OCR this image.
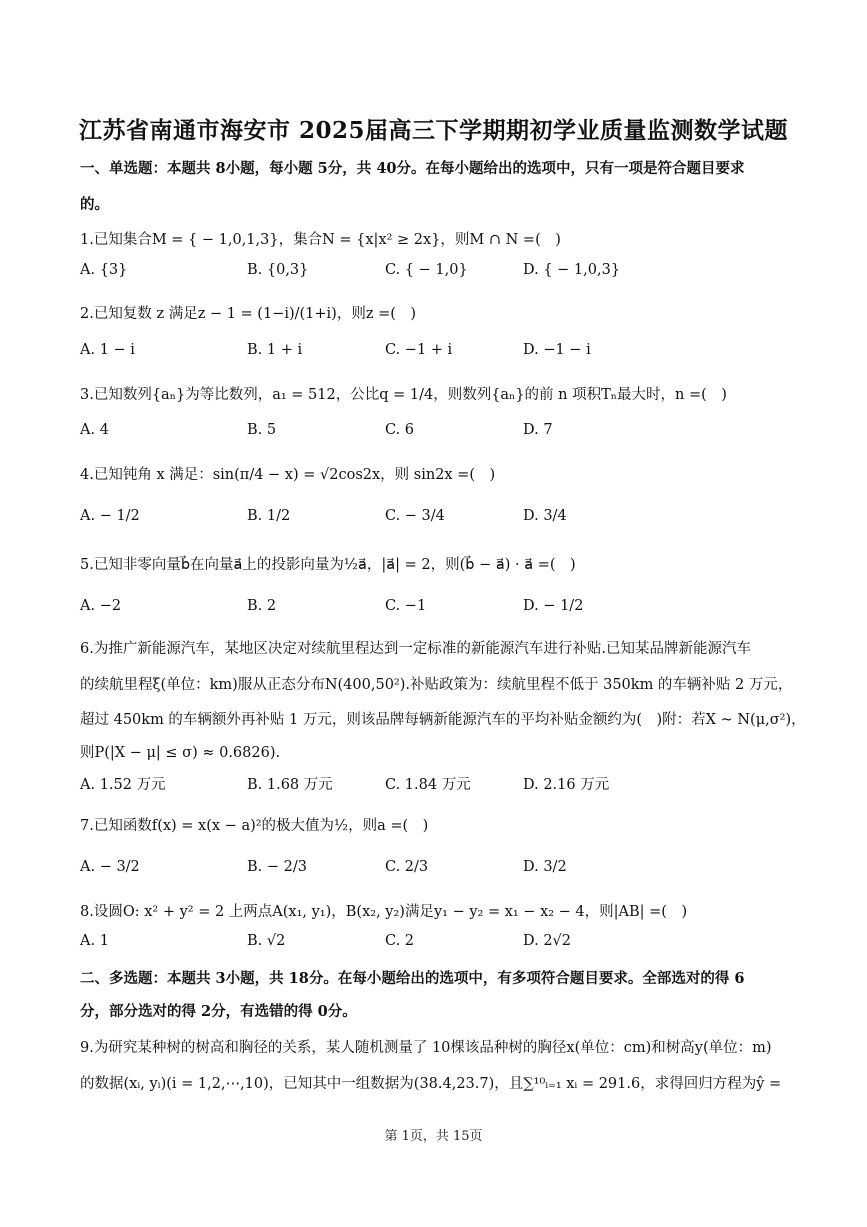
江苏省南通市海安市 2025届高三下学期期初学业质量监测数学试题
一、单选题：本题共 8小题，每小题 5分，共 40分。在每小题给出的选项中，只有一项是符合题目要求
的。
1.已知集合M = { − 1,0,1,3}，集合N = {x|x² ≥ 2x}，则M ∩ N =(　)
A. {3}	B. {0,3}	C. { − 1,0}	D. { − 1,0,3}
2.已知复数 z 满足z − 1 = (1−i)/(1+i)，则z =(　)
A. 1 − i	B. 1 + i	C. −1 + i	D. −1 − i
3.已知数列{aₙ}为等比数列，a₁ = 512，公比q = 1/4，则数列{aₙ}的前 n 项积Tₙ最大时，n =(　)
A. 4	B. 5	C. 6	D. 7
4.已知钝角 x 满足：sin(π/4 − x) = √2cos2x，则 sin2x =(　)
A. − 1/2	B. 1/2	C. − 3/4	D. 3/4
5.已知非零向量b⃗在向量a⃗上的投影向量为½a⃗，|a⃗| = 2，则(b⃗ − a⃗) · a⃗ =(　)
A. −2	B. 2	C. −1	D. − 1/2
6.为推广新能源汽车，某地区决定对续航里程达到一定标准的新能源汽车进行补贴.已知某品牌新能源汽车
的续航里程ξ(单位：km)服从正态分布N(400,50²).补贴政策为：续航里程不低于 350km 的车辆补贴 2 万元，
超过 450km 的车辆额外再补贴 1 万元，则该品牌每辆新能源汽车的平均补贴金额约为(　)附：若X ~ N(μ,σ²)，
则P(|X − μ| ≤ σ) ≈ 0.6826).
A. 1.52 万元	B. 1.68 万元	C. 1.84 万元	D. 2.16 万元
7.已知函数f(x) = x(x − a)²的极大值为½，则a =(　)
A. − 3/2	B. − 2/3	C. 2/3	D. 3/2
8.设圆O: x² + y² = 2 上两点A(x₁, y₁)，B(x₂, y₂)满足y₁ − y₂ = x₁ − x₂ − 4，则|AB| =(　)
A. 1	B. √2	C. 2	D. 2√2
二、多选题：本题共 3小题，共 18分。在每小题给出的选项中，有多项符合题目要求。全部选对的得 6
分，部分选对的得 2分，有选错的得 0分。
9.为研究某种树的树高和胸径的关系，某人随机测量了 10棵该品种树的胸径x(单位：cm)和树高y(单位：m)
的数据(xᵢ, yᵢ)(i = 1,2,⋯,10)，已知其中一组数据为(38.4,23.7)，且∑¹⁰ᵢ₌₁ xᵢ = 291.6，求得回归方程为ŷ =
第 1页，共 15页
